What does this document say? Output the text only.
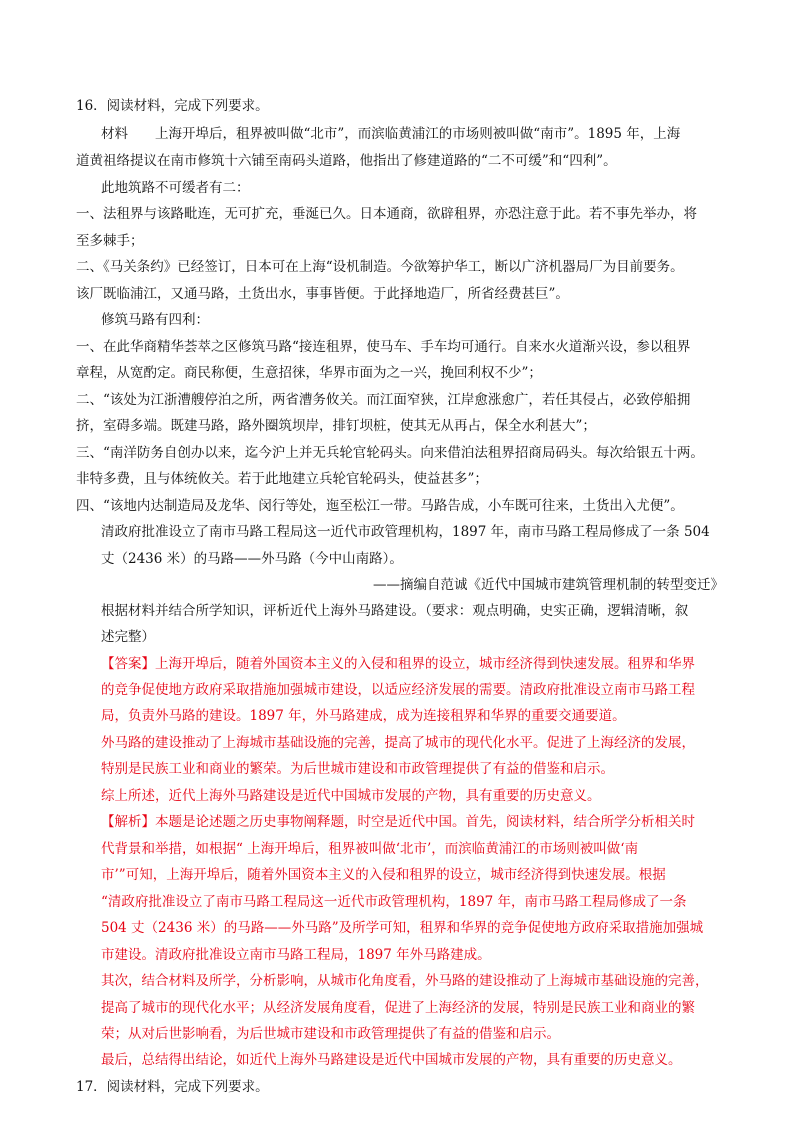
16．阅读材料，完成下列要求。
材料　　上海开埠后，租界被叫做“北市”，而滨临黄浦江的市场则被叫做“南市”。1895 年，上海
道黄祖络提议在南市修筑十六铺至南码头道路，他指出了修建道路的“二不可缓”和“四利”。
此地筑路不可缓者有二：
一、法租界与该路毗连，无可扩充，垂涎已久。日本通商，欲辟租界，亦恐注意于此。若不事先举办，将
至多棘手；
二、《马关条约》已经签订，日本可在上海“设机制造。今欲筹护华工，断以广济机器局厂为目前要务。
该厂既临浦江，又通马路，土货出水，事事皆便。于此择地造厂，所省经费甚巨”。
修筑马路有四利：
一、在此华商精华荟萃之区修筑马路“接连租界，使马车、手车均可通行。自来水火道渐兴设，参以租界
章程，从宽酌定。商民称便，生意招徕，华界市面为之一兴，挽回利权不少”；
二、“该处为江浙漕艘停泊之所，两省漕务攸关。而江面窄狭，江岸愈涨愈广，若任其侵占，必致停船拥
挤，室碍多端。既建马路，路外圈筑坝岸，排钉坝桩，使其无从再占，保全水利甚大”；
三、“南洋防务自创办以来，迄今沪上并无兵轮官轮码头。向来借泊法租界招商局码头。每次给银五十两。
非特多费，且与体统攸关。若于此地建立兵轮官轮码头，使益甚多”；
四、“该地内达制造局及龙华、闵行等处，迤至松江一带。马路告成，小车既可往来，土货出入尤便”。
清政府批准设立了南市马路工程局这一近代市政管理机构，1897 年，南市马路工程局修成了一条 504
丈（2436 米）的马路——外马路（今中山南路）。
——摘编自范诚《近代中国城市建筑管理机制的转型变迁》
根据材料并结合所学知识，评析近代上海外马路建设。（要求：观点明确，史实正确，逻辑清晰，叙
述完整）
【答案】上海开埠后，随着外国资本主义的入侵和租界的设立，城市经济得到快速发展。租界和华界
的竞争促使地方政府采取措施加强城市建设，以适应经济发展的需要。清政府批准设立南市马路工程
局，负责外马路的建设。1897 年，外马路建成，成为连接租界和华界的重要交通要道。
外马路的建设推动了上海城市基础设施的完善，提高了城市的现代化水平。促进了上海经济的发展，
特别是民族工业和商业的繁荣。为后世城市建设和市政管理提供了有益的借鉴和启示。
综上所述，近代上海外马路建设是近代中国城市发展的产物，具有重要的历史意义。
【解析】本题是论述题之历史事物阐释题，时空是近代中国。首先，阅读材料，结合所学分析相关时
代背景和举措，如根据“ 上海开埠后，租界被叫做‘北市’，而滨临黄浦江的市场则被叫做‘南
市’”可知，上海开埠后，随着外国资本主义的入侵和租界的设立，城市经济得到快速发展。根据
“清政府批准设立了南市马路工程局这一近代市政管理机构，1897 年，南市马路工程局修成了一条
504 丈（2436 米）的马路——外马路”及所学可知，租界和华界的竞争促使地方政府采取措施加强城
市建设。清政府批准设立南市马路工程局，1897 年外马路建成。
其次，结合材料及所学，分析影响，从城市化角度看，外马路的建设推动了上海城市基础设施的完善，
提高了城市的现代化水平；从经济发展角度看，促进了上海经济的发展，特别是民族工业和商业的繁
荣；从对后世影响看，为后世城市建设和市政管理提供了有益的借鉴和启示。
最后，总结得出结论，如近代上海外马路建设是近代中国城市发展的产物，具有重要的历史意义。
17．阅读材料，完成下列要求。
